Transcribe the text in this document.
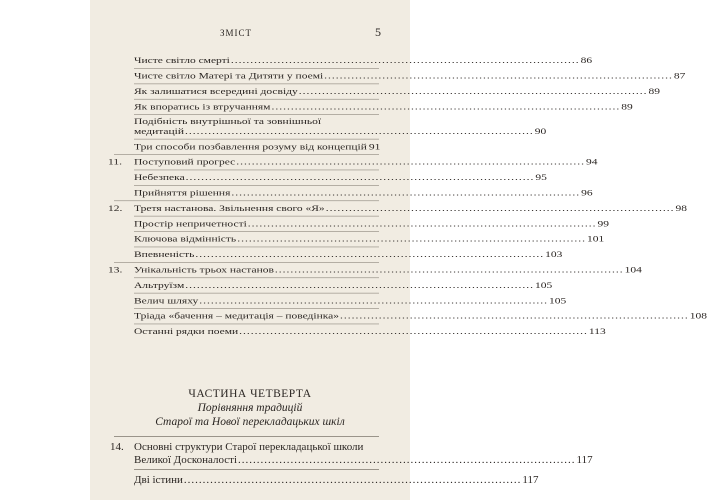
ЗМІСТ	5
Чисте світло смерті .......................................................................................... 86
Чисте світло Матері та Дитяти у поемі .......................................................................................... 87
Як залишатися всередині досвіду .......................................................................................... 89
Як впоратись із втручанням .......................................................................................... 89
Подібність внутрішньої та зовнішньої
медитацій .......................................................................................... 90
Три способи позбавлення розуму від концепцій 91
11. Поступовий прогрес .......................................................................................... 94
Небезпека .......................................................................................... 95
Прийняття рішення .......................................................................................... 96
12. Третя настанова. Звільнення свого «Я» .......................................................................................... 98
Простір непричетності .......................................................................................... 99
Ключова відмінність .......................................................................................... 101
Впевненість .......................................................................................... 103
13. Унікальність трьох настанов .......................................................................................... 104
Альтруїзм .......................................................................................... 105
Велич шляху .......................................................................................... 105
Тріада «бачення – медитація – поведінка» .......................................................................................... 108
Останні рядки поеми .......................................................................................... 113
ЧАСТИНА ЧЕТВЕРТА
Порівняння традицій
Старої та Нової перекладацьких шкіл
Основні структури Старої перекладацької школи
14.
Великої Досконалості .......................................................................................... 117
Дві істини .......................................................................................... 117
